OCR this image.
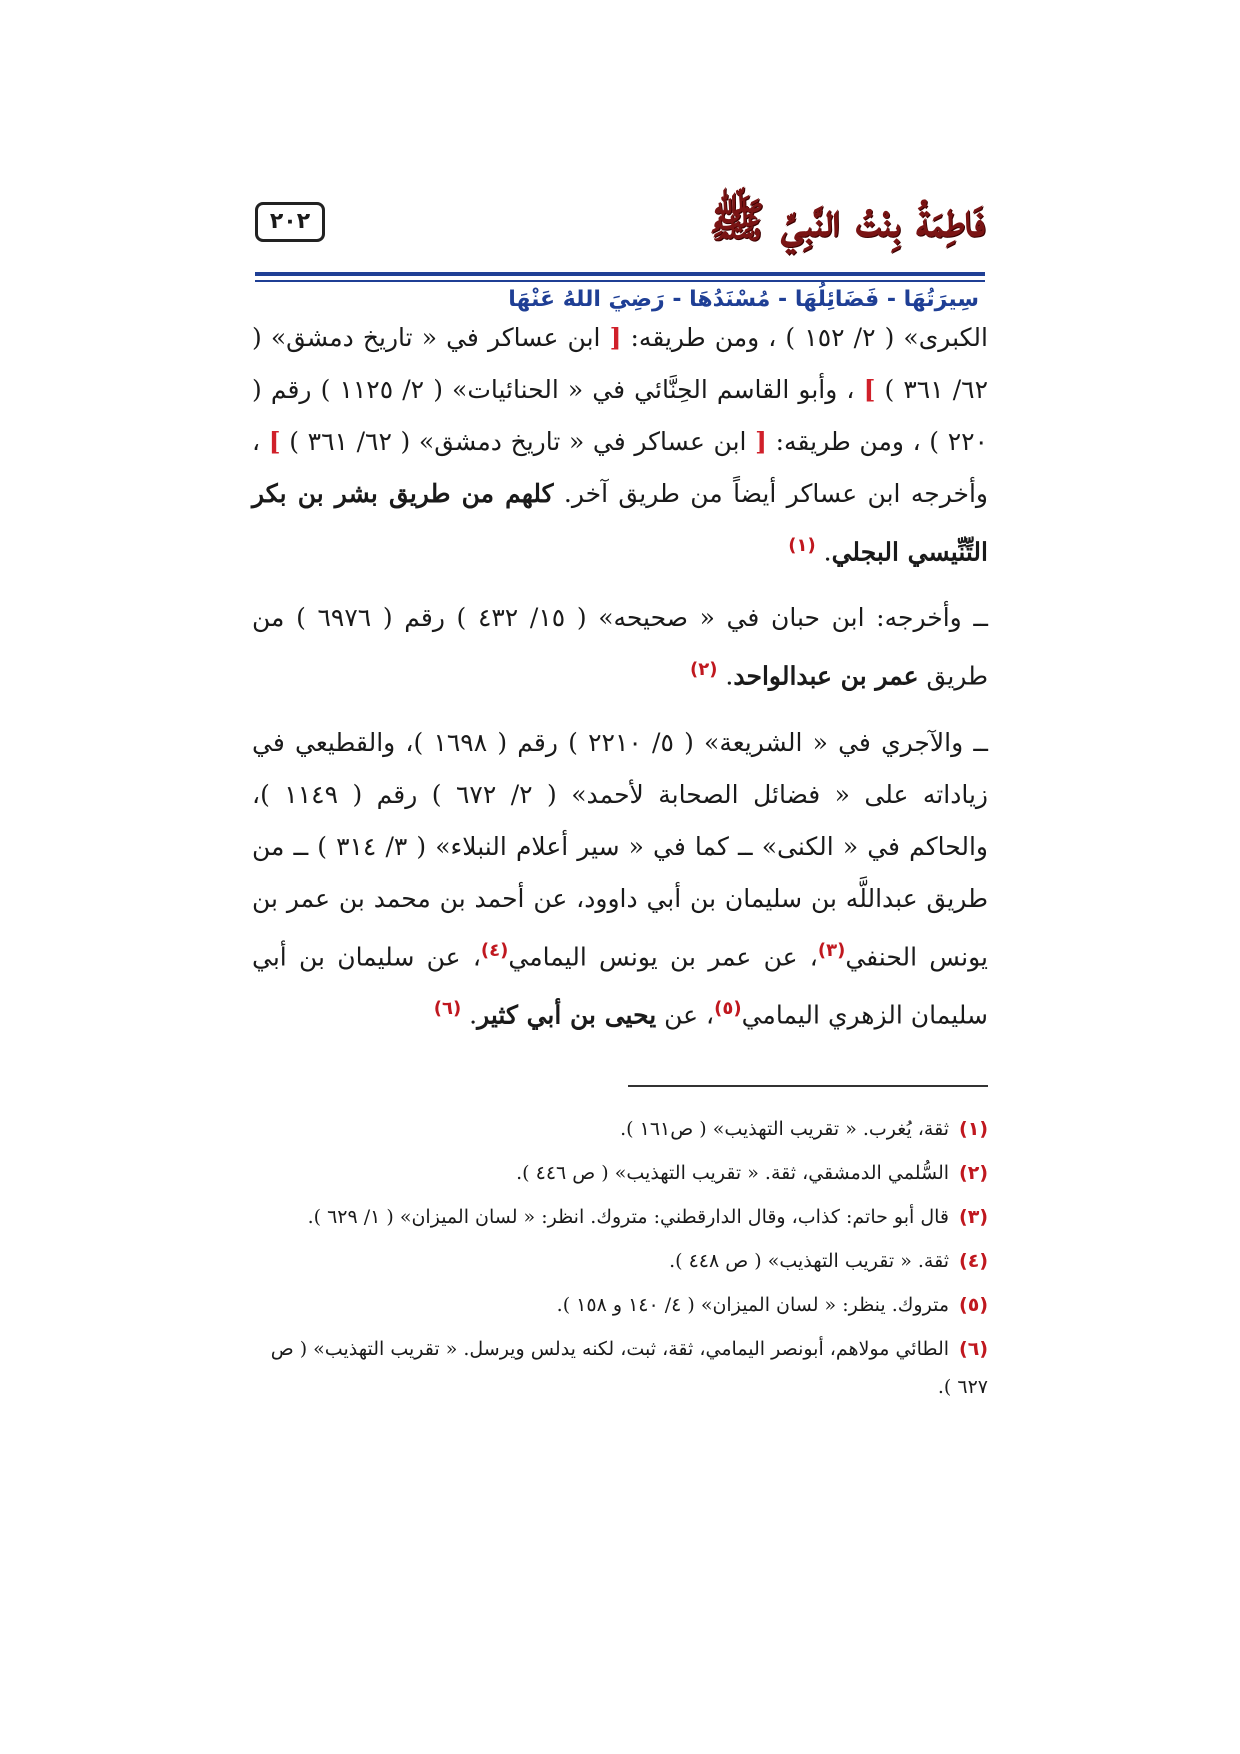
فَاطِمَةُ بِنْتُ النَّبِيِّ ﷺ سِيرَتُهَا - فَضَائِلُهَا - مُسْنَدُهَا - رَضِيَ اللهُ عَنْهَا
٢٠٢

الكبرى» ( ٢/ ١٥٢ ) ، ومن طريقه: [ ابن عساكر في « تاريخ دمشق» ( ٦٢/ ٣٦١ ) ] ، وأبو القاسم الحِنَّائي في « الحنائيات» ( ٢/ ١١٢٥ ) رقم ( ٢٢٠ ) ، ومن طريقه: [ ابن عساكر في « تاريخ دمشق» ( ٦٢/ ٣٦١ ) ] ، وأخرجه ابن عساكر أيضاً من طريق آخر. كلهم من طريق بشر بن بكر التِّنِّيسي البجلي. $^{(١)}$

ــ وأخرجه: ابن حبان في « صحيحه» ( ١٥/ ٤٣٢ ) رقم ( ٦٩٧٦ ) من طريق عمر بن عبدالواحد. $^{(٢)}$

ــ والآجري في « الشريعة» ( ٥/ ٢٢١٠ ) رقم ( ١٦٩٨ )، والقطيعي في زياداته على « فضائل الصحابة لأحمد» ( ٢/ ٦٧٢ ) رقم ( ١١٤٩ )، والحاكم في « الكنى» ــ كما في « سير أعلام النبلاء» ( ٣/ ٣١٤ ) ــ من طريق عبداللَّه بن سليمان بن أبي داوود، عن أحمد بن محمد بن عمر بن يونس الحنفي$^{(٣)}$، عن عمر بن يونس اليمامي$^{(٤)}$، عن سليمان بن أبي سليمان الزهري اليمامي$^{(٥)}$، عن يحيى بن أبي كثير. $^{(٦)}$

(١)ثقة، يُغرب. « تقريب التهذيب» ( ص١٦١ ).

(٢)السُّلمي الدمشقي، ثقة. « تقريب التهذيب» ( ص ٤٤٦ ).

(٣)قال أبو حاتم: كذاب، وقال الدارقطني: متروك. انظر: « لسان الميزان» ( ١/ ٦٢٩ ).

(٤)ثقة. « تقريب التهذيب» ( ص ٤٤٨ ).

(٥)متروك. ينظر: « لسان الميزان» ( ٤/ ١٤٠ و ١٥٨ ).

(٦)الطائي مولاهم، أبونصر اليمامي، ثقة، ثبت، لكنه يدلس ويرسل. « تقريب التهذيب» ( ص ٦٢٧ ).
